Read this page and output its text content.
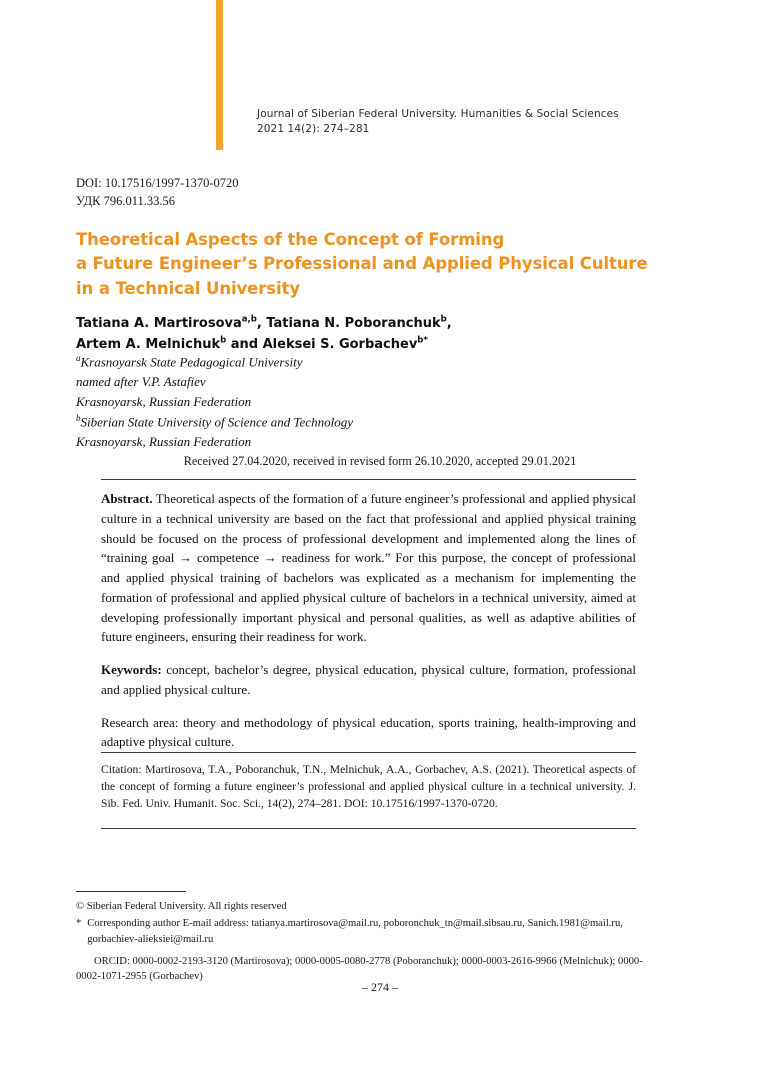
Journal of Siberian Federal University. Humanities & Social Sciences
2021 14(2): 274–281
DOI: 10.17516/1997-1370-0720
УДК 796.011.33.56
Theoretical Aspects of the Concept of Forming
a Future Engineer’s Professional and Applied Physical Culture
in a Technical University
Tatiana A. Martirosova$^{a,b}$, Tatiana N. Poboranchuk$^b$,
Artem A. Melnichuk$^b$ and Aleksei S. Gorbachev$^{b*}$
$^a$Krasnoyarsk State Pedagogical University
named after V.P. Astafiev
Krasnoyarsk, Russian Federation
$^b$Siberian State University of Science and Technology
Krasnoyarsk, Russian Federation
Received 27.04.2020, received in revised form 26.10.2020, accepted 29.01.2021

Abstract. Theoretical aspects of the formation of a future engineer’s professional and applied physical culture in a technical university are based on the fact that professional and applied physical training should be focused on the process of professional development and implemented along the lines of “training goal → competence → readiness for work.” For this purpose, the concept of professional and applied physical training of bachelors was explicated as a mechanism for implementing the formation of professional and applied physical culture of bachelors in a technical university, aimed at developing professionally important physical and personal qualities, as well as adaptive abilities of future engineers, ensuring their readiness for work.

Keywords: concept, bachelor’s degree, physical education, physical culture, formation, professional and applied physical culture.

Research area: theory and methodology of physical education, sports training, health-improving and adaptive physical culture.

Citation: Martirosova, T.A., Poboranchuk, T.N., Melnichuk, A.A., Gorbachev, A.S. (2021). Theoretical aspects of the concept of forming a future engineer’s professional and applied physical culture in a technical university. J. Sib. Fed. Univ. Humanit. Soc. Sci., 14(2), 274–281. DOI: 10.17516/1997-1370-0720.
© Siberian Federal University. All rights reserved
* Corresponding author E-mail address: tatianya.martirosova@mail.ru, poboronchuk_tn@mail.sibsau.ru, Sanich.1981@mail.ru, gorbachiev-alieksiei@mail.ru
ORCID: 0000-0002-2193-3120 (Martirosova); 0000-0005-0080-2778 (Poboranchuk); 0000-0003-2616-9966 (Melnichuk); 0000-0002-1071-2955 (Gorbachev)
– 274 –
